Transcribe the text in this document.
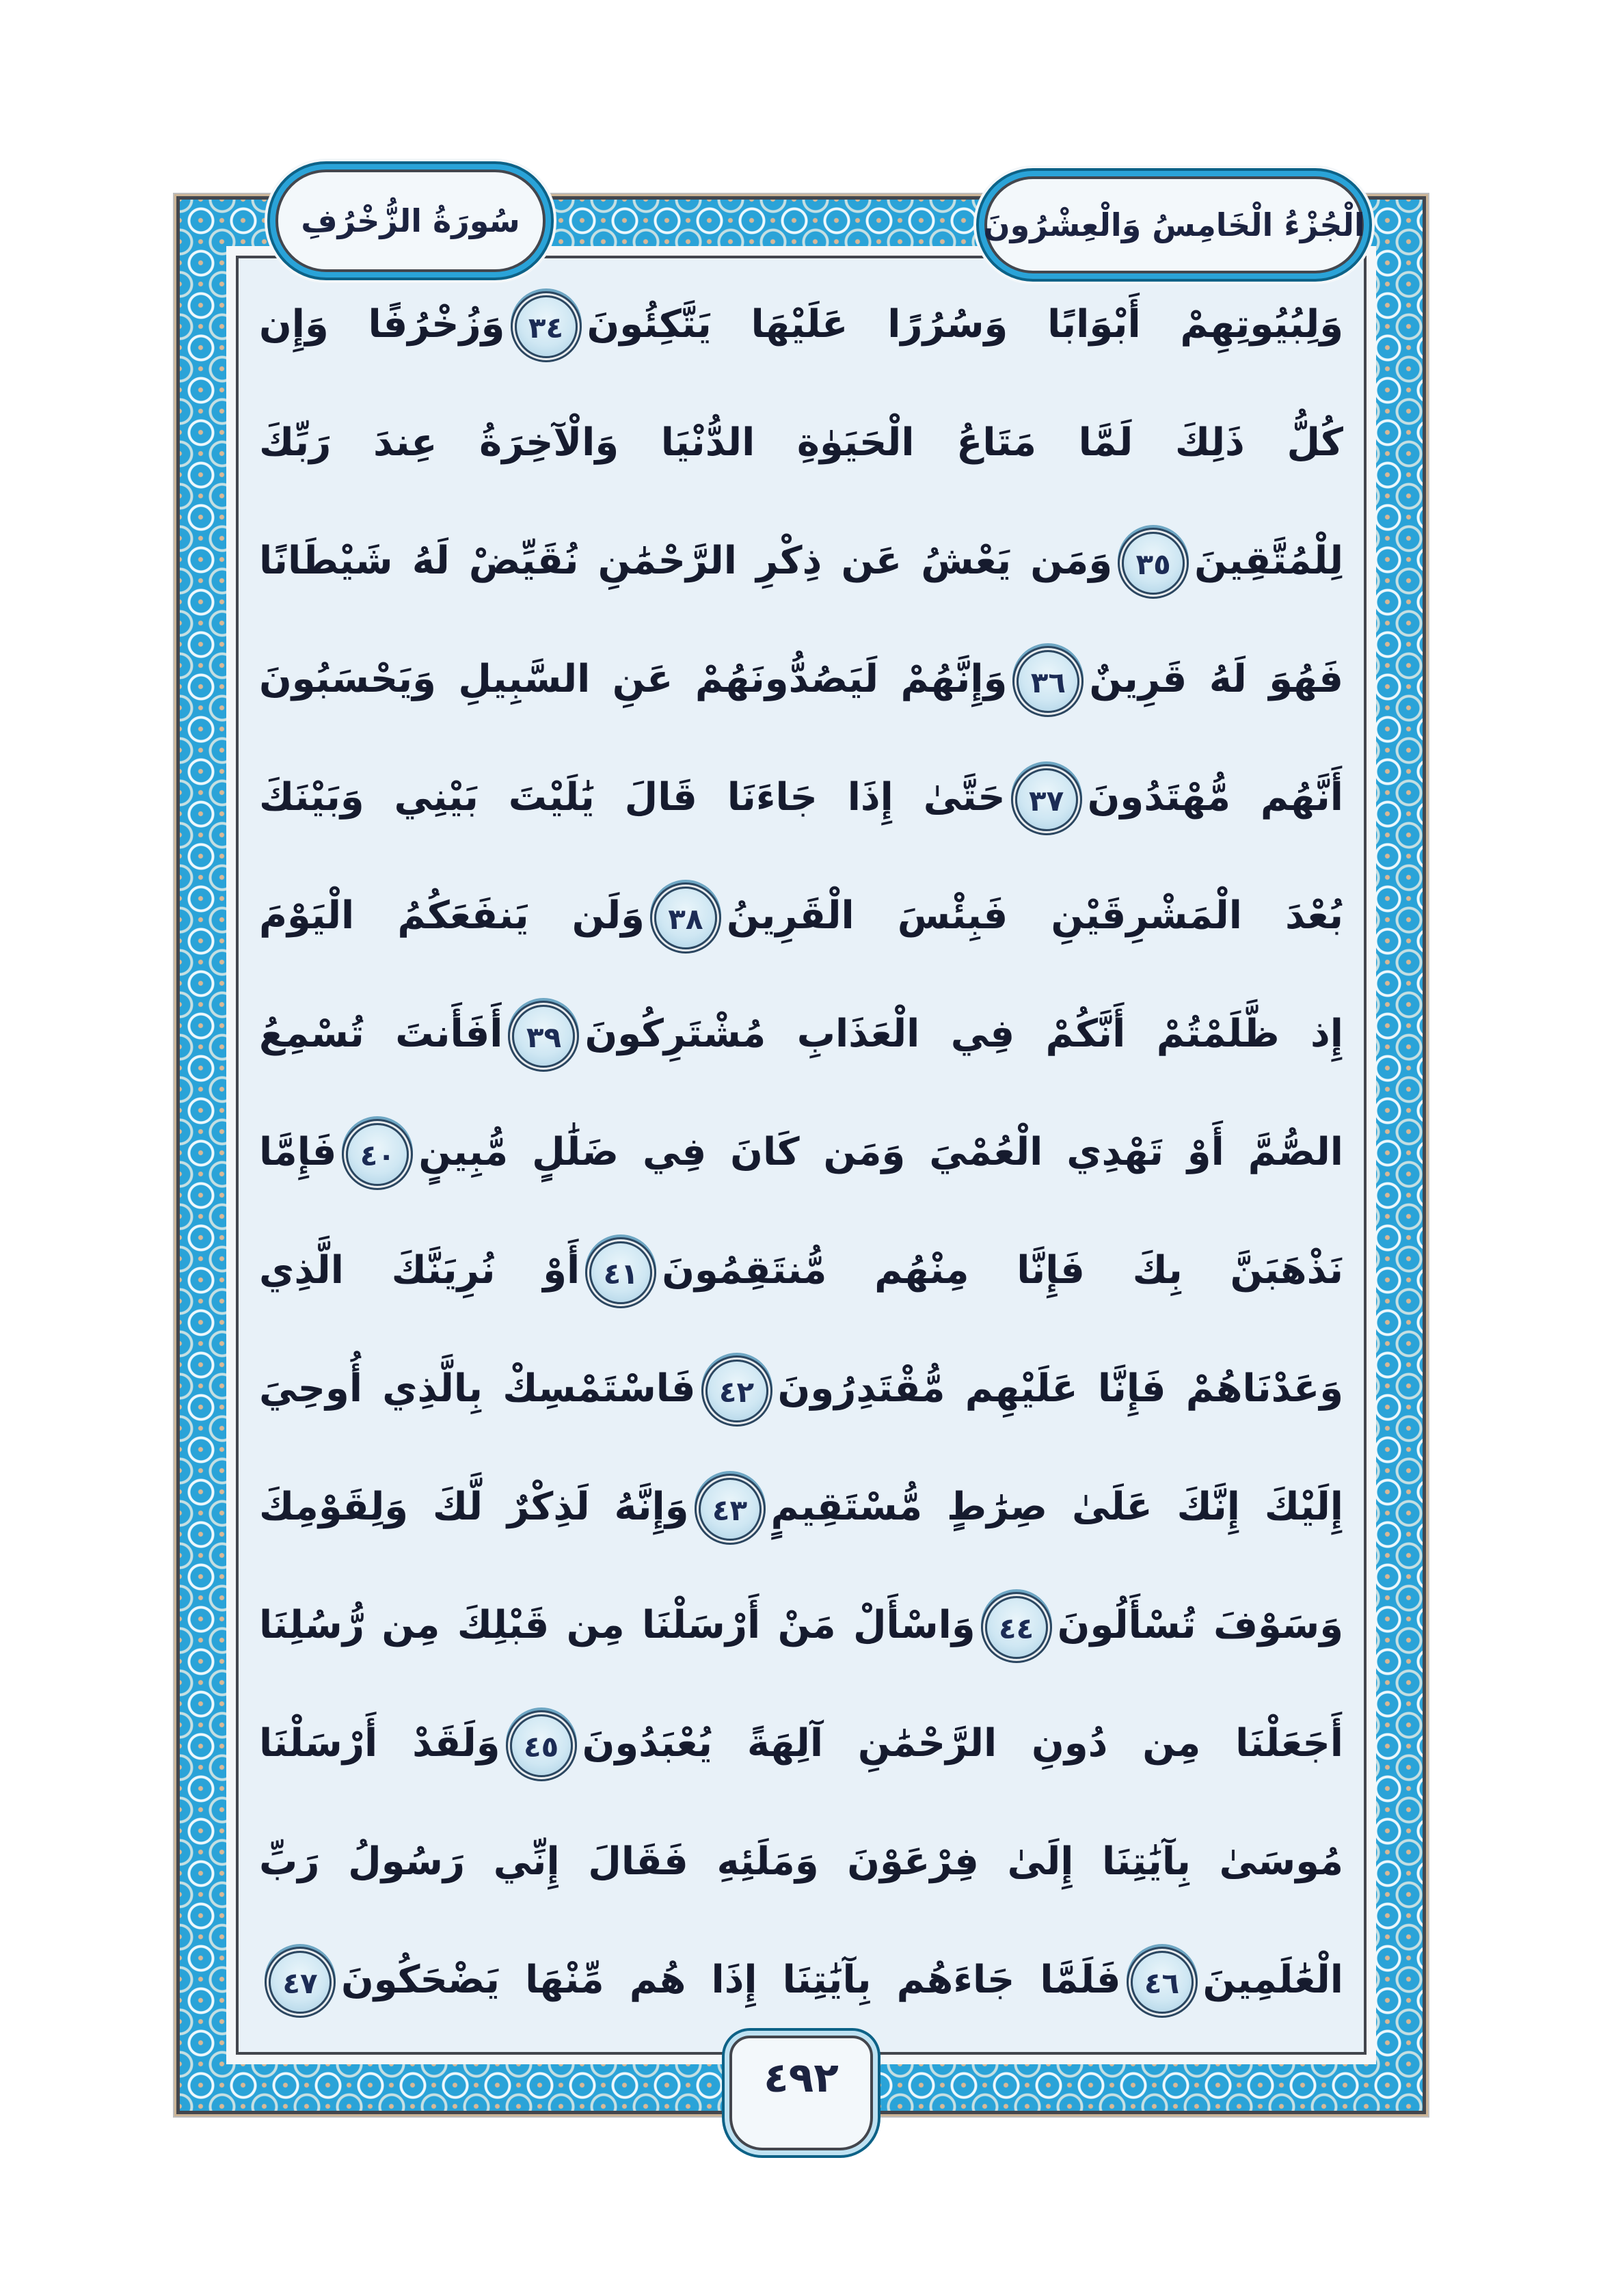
سُورَةُ الزُّخْرُفِ	الْجُزْءُ الْخَامِسُ وَالْعِشْرُونَ
وَلِبُيُوتِهِمْ أَبْوَابًا وَسُرُرًا عَلَيْهَا يَتَّكِئُونَ
٣٤
وَزُخْرُفًا وَإِن
كُلُّ ذَلِكَ لَمَّا مَتَاعُ الْحَيَوٰةِ الدُّنْيَا وَالْآخِرَةُ عِندَ رَبِّكَ
لِلْمُتَّقِينَ
٣٥
وَمَن يَعْشُ عَن ذِكْرِ الرَّحْمَٰنِ نُقَيِّضْ لَهُ شَيْطَانًا
فَهُوَ لَهُ قَرِينٌ
٣٦
وَإِنَّهُمْ لَيَصُدُّونَهُمْ عَنِ السَّبِيلِ وَيَحْسَبُونَ
أَنَّهُم مُّهْتَدُونَ
٣٧
حَتَّىٰ إِذَا جَاءَنَا قَالَ يَٰلَيْتَ بَيْنِي وَبَيْنَكَ
بُعْدَ الْمَشْرِقَيْنِ فَبِئْسَ الْقَرِينُ
٣٨
وَلَن يَنفَعَكُمُ الْيَوْمَ
إِذ ظَّلَمْتُمْ أَنَّكُمْ فِي الْعَذَابِ مُشْتَرِكُونَ
٣٩
أَفَأَنتَ تُسْمِعُ
الصُّمَّ أَوْ تَهْدِي الْعُمْيَ وَمَن كَانَ فِي ضَلَٰلٍ مُّبِينٍ
٤٠
فَإِمَّا
نَذْهَبَنَّ بِكَ فَإِنَّا مِنْهُم مُّنتَقِمُونَ
٤١
أَوْ نُرِيَنَّكَ الَّذِي
وَعَدْنَاهُمْ فَإِنَّا عَلَيْهِم مُّقْتَدِرُونَ
٤٢
فَاسْتَمْسِكْ بِالَّذِي أُوحِيَ
إِلَيْكَ إِنَّكَ عَلَىٰ صِرَٰطٍ مُّسْتَقِيمٍ
٤٣
وَإِنَّهُ لَذِكْرٌ لَّكَ وَلِقَوْمِكَ
وَسَوْفَ تُسْأَلُونَ
٤٤
وَاسْأَلْ مَنْ أَرْسَلْنَا مِن قَبْلِكَ مِن رُّسُلِنَا
أَجَعَلْنَا مِن دُونِ الرَّحْمَٰنِ آلِهَةً يُعْبَدُونَ
٤٥
وَلَقَدْ أَرْسَلْنَا
مُوسَىٰ بِآيَٰتِنَا إِلَىٰ فِرْعَوْنَ وَمَلَئِهِ فَقَالَ إِنِّي رَسُولُ رَبِّ
الْعَٰلَمِينَ
٤٦
فَلَمَّا جَاءَهُم بِآيَٰتِنَا إِذَا هُم مِّنْهَا يَضْحَكُونَ
٤٧
٤٩٢
